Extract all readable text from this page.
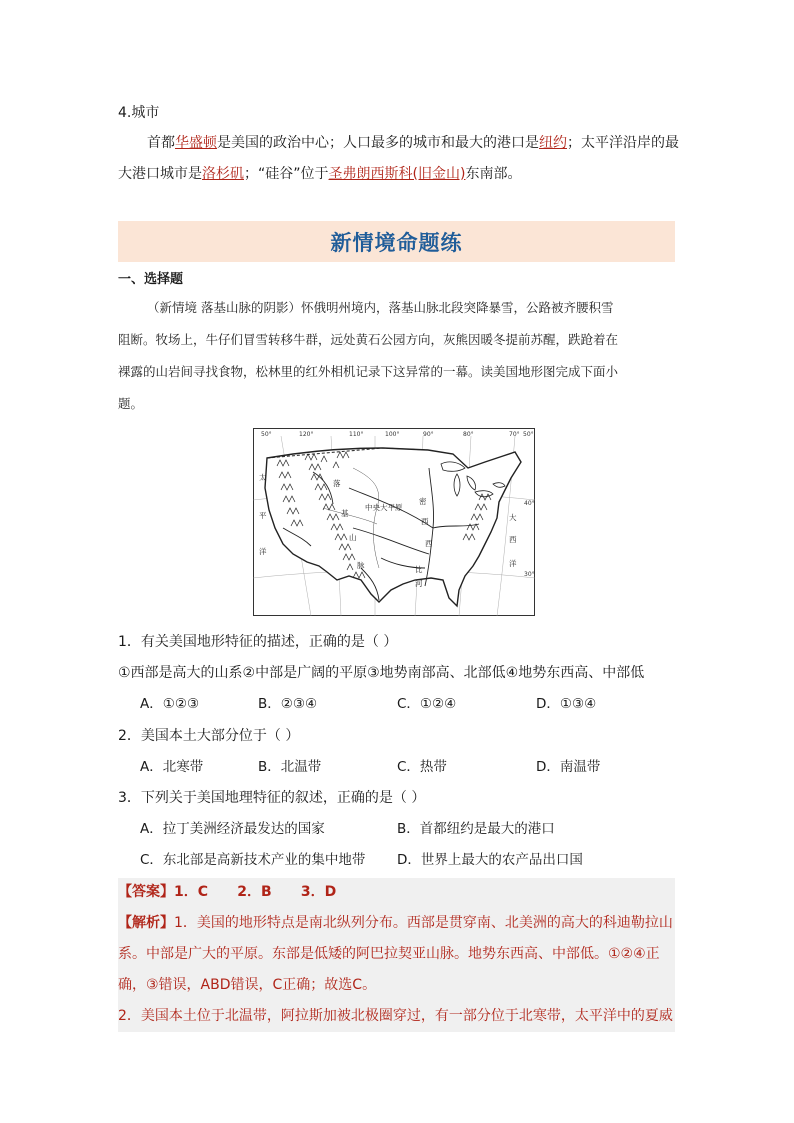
4.城市
首都华盛顿是美国的政治中心；人口最多的城市和最大的港口是纽约；太平洋沿岸的最
大港口城市是洛杉矶；“硅谷”位于圣弗朗西斯科(旧金山)东南部。
新情境命题练
一、选择题
（新情境 落基山脉的阴影）怀俄明州境内，落基山脉北段突降暴雪，公路被齐腰积雪
阻断。牧场上，牛仔们冒雪转移牛群，远处黄石公园方向，灰熊因暖冬提前苏醒，跌跄着在
裸露的山岩间寻找食物，松林里的红外相机记录下这异常的一幕。读美国地形图完成下面小
题。
50°	120°	110°	100°	90°	80°	70° 50°
40°
30°
太
平
洋
大
西
洋
落
基
山
脉
中央大平原
密
西
西
比
河
1．有关美国地形特征的描述，正确的是（ ）
①西部是高大的山系②中部是广阔的平原③地势南部高、北部低④地势东西高、中部低
A．①②③	B．②③④	C．①②④	D．①③④
2．美国本土大部分位于（ ）
A．北寒带	B．北温带	C．热带	D．南温带
3．下列关于美国地理特征的叙述，正确的是（ ）
A．拉丁美洲经济最发达的国家	B．首都纽约是最大的港口
C．东北部是高新技术产业的集中地带 D．世界上最大的农产品出口国
【答案】1．C      2．B      3．D
【解析】1．美国的地形特点是南北纵列分布。西部是贯穿南、北美洲的高大的科迪勒拉山
系。中部是广大的平原。东部是低矮的阿巴拉契亚山脉。地势东西高、中部低。①②④正
确，③错误，ABD错误，C正确；故选C。
2．美国本土位于北温带，阿拉斯加被北极圈穿过，有一部分位于北寒带，太平洋中的夏威
